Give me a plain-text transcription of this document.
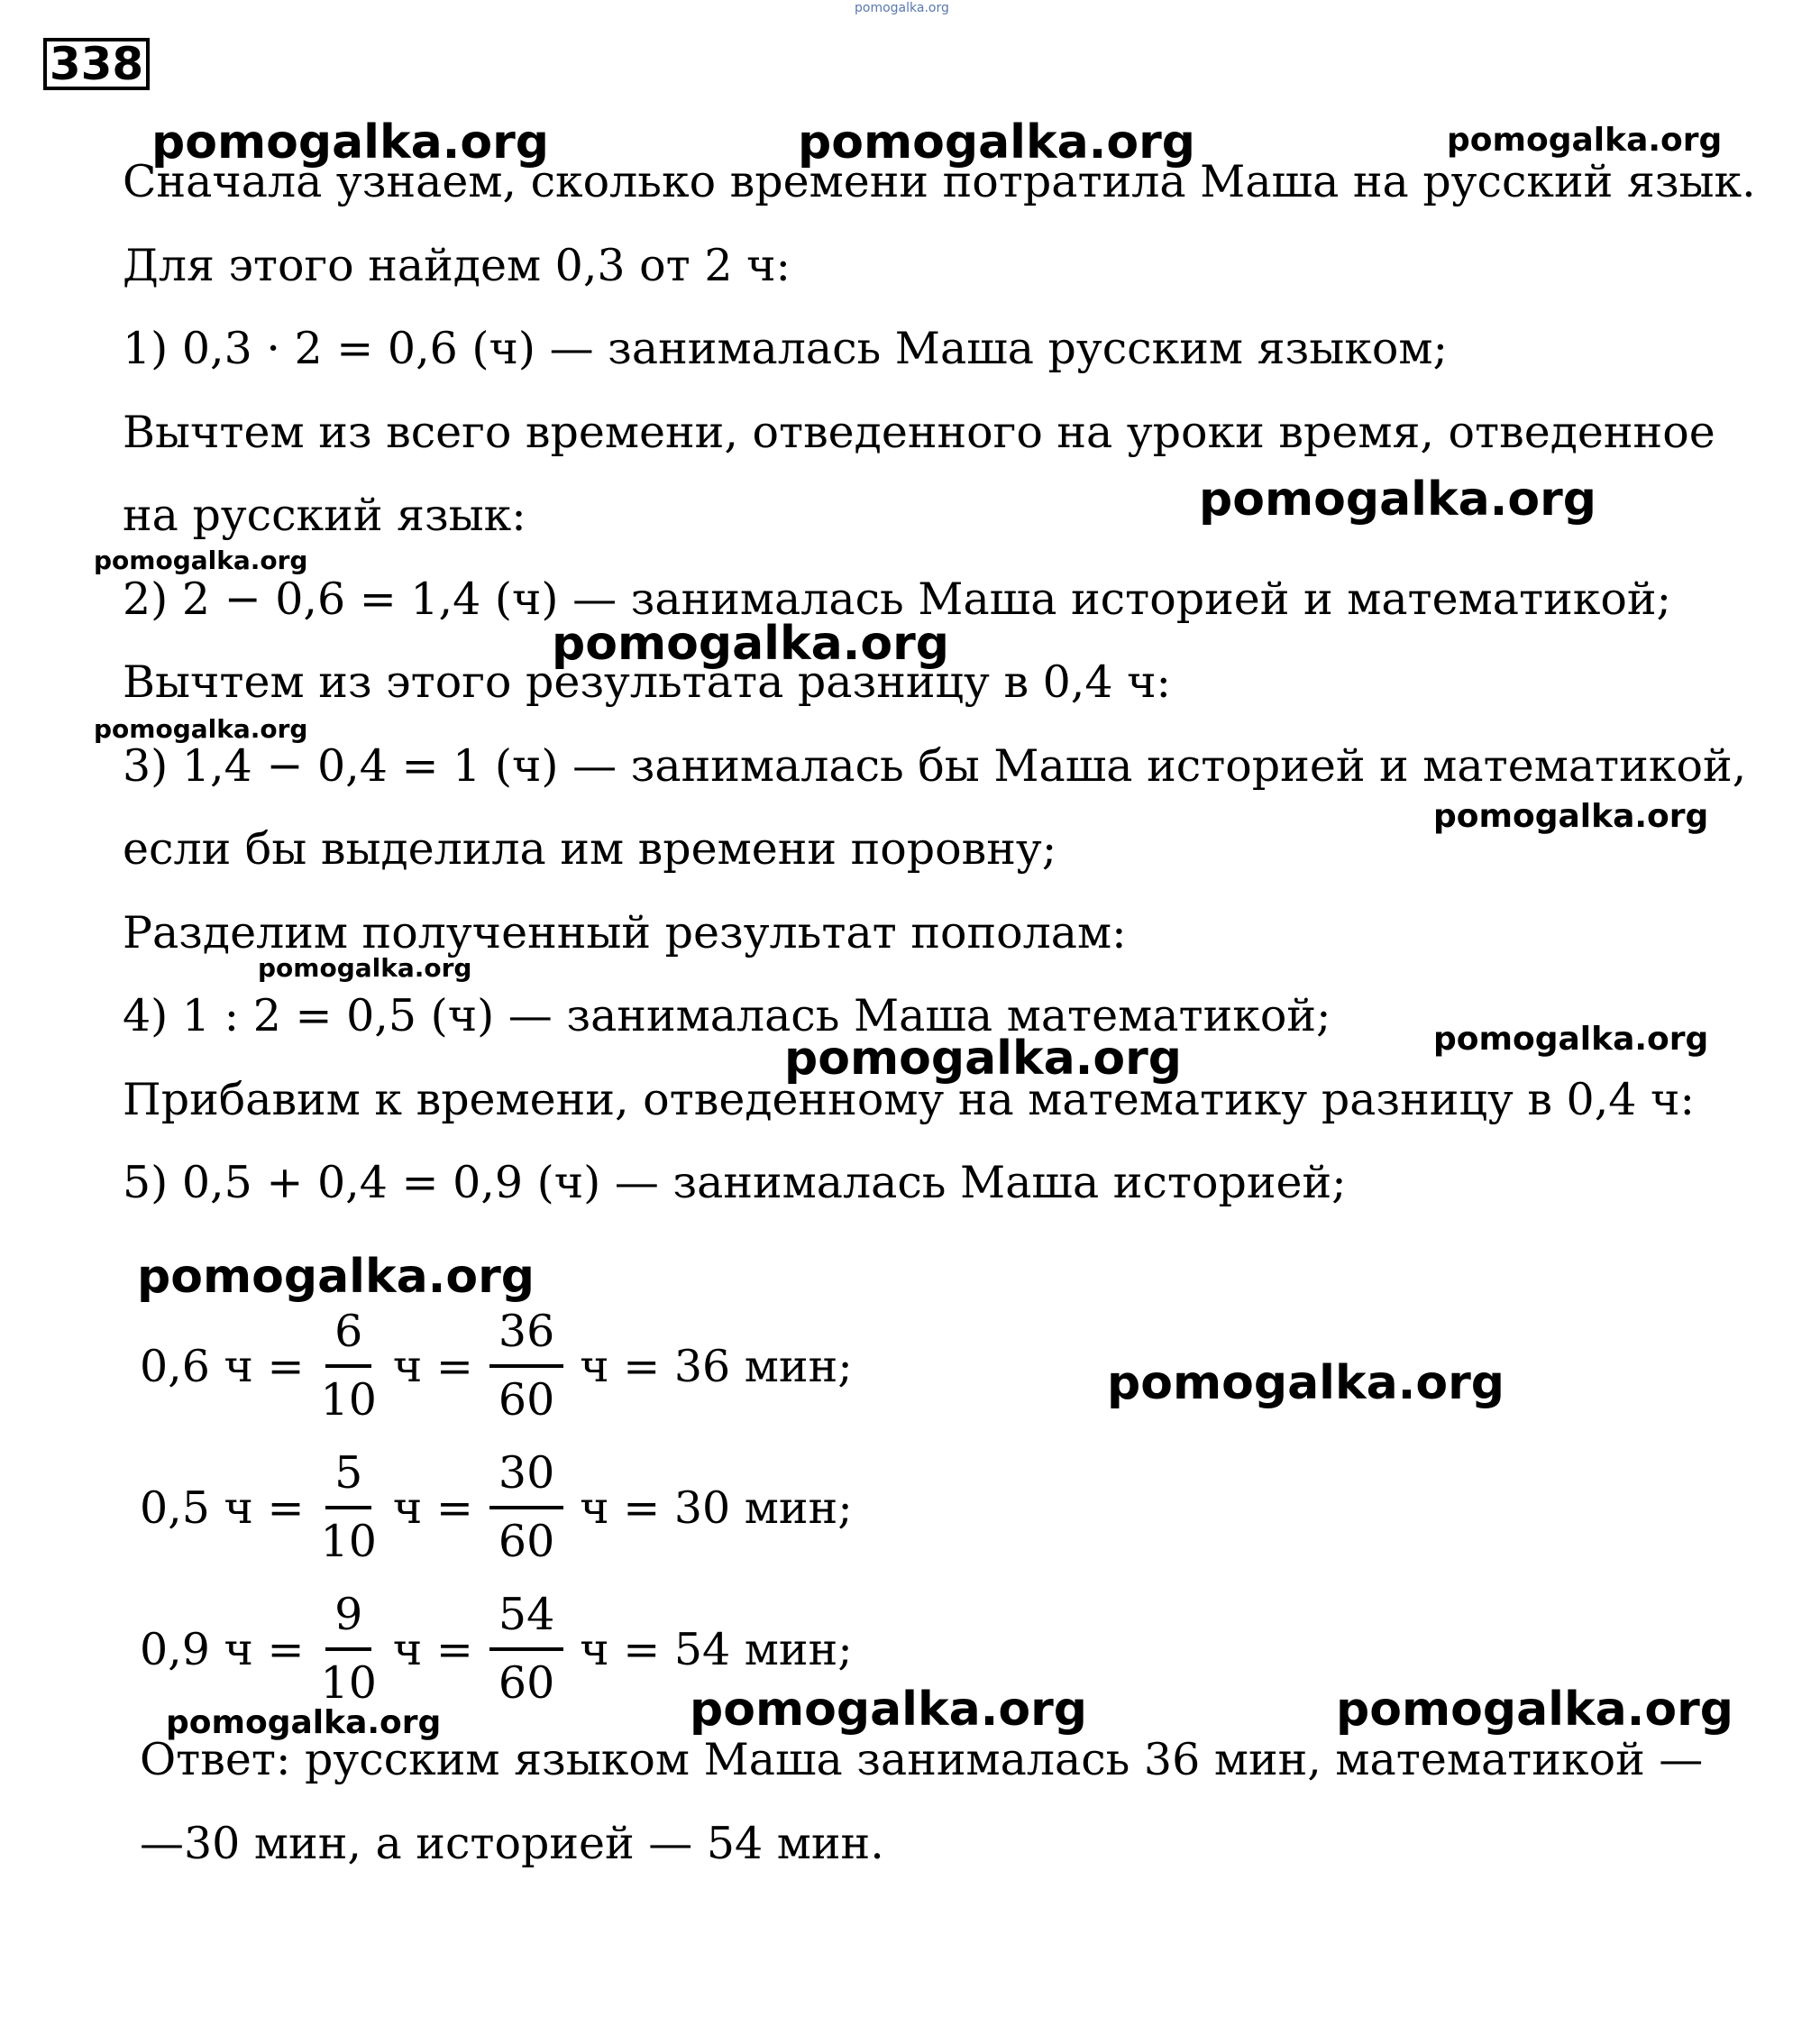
338
pomogalka.org
pomogalka.org	pomogalka.org	pomogalka.org
pomogalka.org
pomogalka.org
pomogalka.org
pomogalka.org
pomogalka.org
pomogalka.org
pomogalka.org
pomogalka.org
pomogalka.org
pomogalka.org
pomogalka.org	pomogalka.org	pomogalka.org
Сначала узнаем, сколько времени потратила Маша на русский язык.
Для этого найдем 0,3 от 2 ч:
1) 0,3 · 2 = 0,6 (ч) — занималась Маша русским языком;
Вычтем из всего времени, отведенного на уроки время, отведенное
на русский язык:
2) 2 − 0,6 = 1,4 (ч) — занималась Маша историей и математикой;
Вычтем из этого результата разницу в 0,4 ч:
3) 1,4 − 0,4 = 1 (ч) — занималась бы Маша историей и математикой,
если бы выделила им времени поровну;
Разделим полученный результат пополам:
4) 1 : 2 = 0,5 (ч) — занималась Маша математикой;
Прибавим к времени, отведенному на математику разницу в 0,4 ч:
5) 0,5 + 0,4 = 0,9 (ч) — занималась Маша историей;
0,6 $ч = \frac{6}{10}$ $ч = \frac{36}{60}$ ч = 36 мин;
0,5 $ч = \frac{5}{10}$ $ч = \frac{30}{60}$ ч = 30 мин;
0,9 $ч = \frac{9}{10}$ $ч = \frac{54}{60}$ ч = 54 мин;
Ответ: русским языком Маша занималась 36 мин, математикой —
—30 мин, а историей — 54 мин.
